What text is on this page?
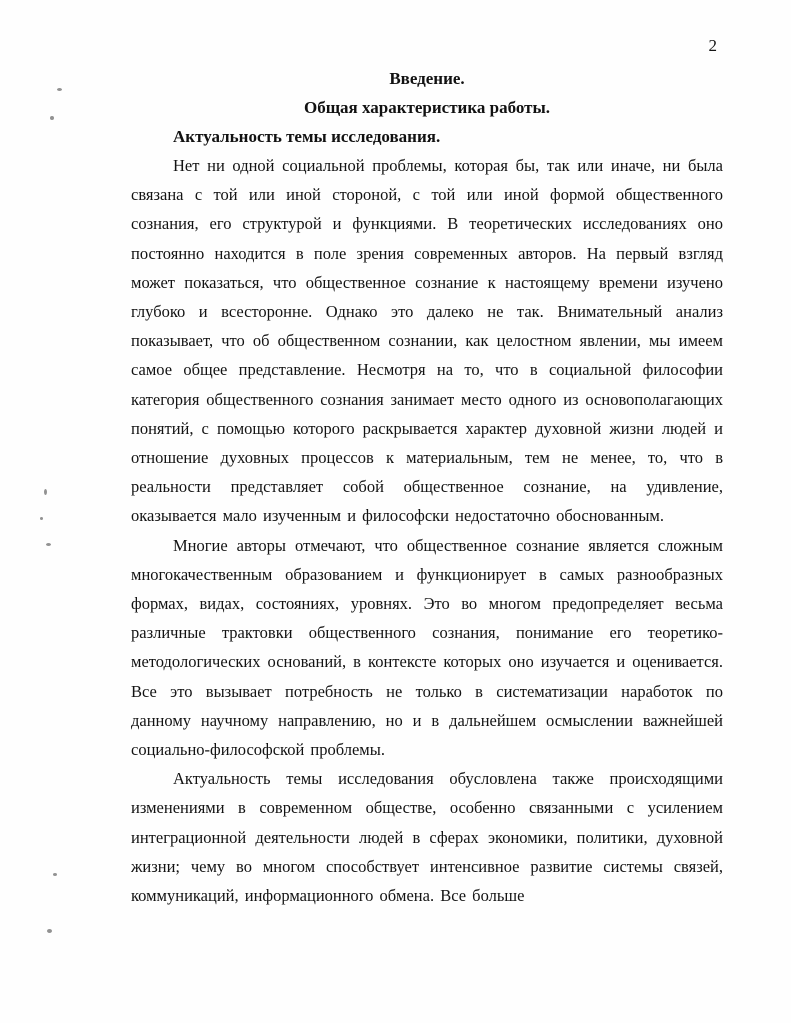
2

Введение.

Общая характеристика работы.

Актуальность темы исследования.

Нет ни одной социальной проблемы, которая бы, так или иначе, ни была связана с той или иной стороной, с той или иной формой общественного сознания, его структурой и функциями. В теоретических исследованиях оно постоянно находится в поле зрения современных авторов. На первый взгляд может показаться, что общественное сознание к настоящему времени изучено глубоко и всесторонне. Однако это далеко не так. Внимательный анализ показывает, что об общественном сознании, как целостном явлении, мы имеем самое общее представление. Несмотря на то, что в социальной философии категория общественного сознания занимает место одного из основополагающих понятий, с помощью которого раскрывается характер духовной жизни людей и отношение духовных процессов к материальным, тем не менее, то, что в реальности представляет собой общественное сознание, на удивление, оказывается мало изученным и философски недостаточно обоснованным.

Многие авторы отмечают, что общественное сознание является сложным многокачественным образованием и функционирует в самых разнообразных формах, видах, состояниях, уровнях. Это во многом предопределяет весьма различные трактовки общественного сознания, понимание его теоретико-методологических оснований, в контексте которых оно изучается и оценивается. Все это вызывает потребность не только в систематизации наработок по данному научному направлению, но и в дальнейшем осмыслении важнейшей социально-философской проблемы.

Актуальность темы исследования обусловлена также происходящими изменениями в современном обществе, особенно связанными с усилением интеграционной деятельности людей в сферах экономики, политики, духовной жизни; чему во многом способствует интенсивное развитие системы связей, коммуникаций, информационного обмена. Все больше
